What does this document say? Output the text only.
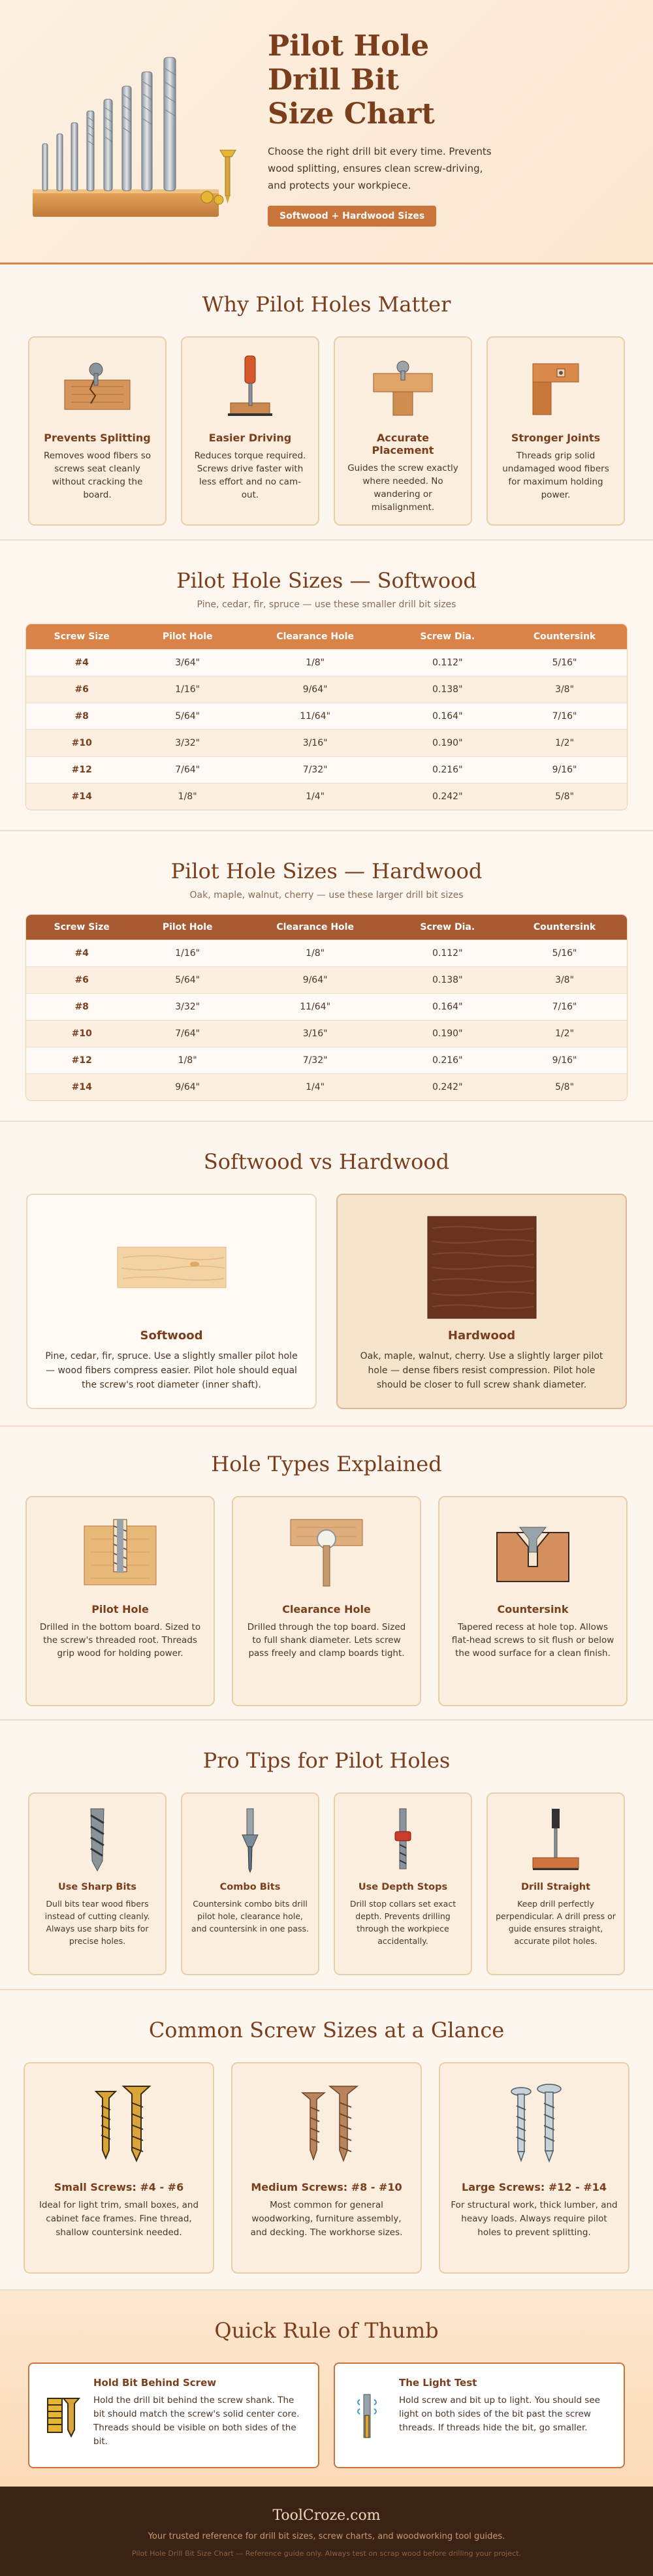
Pilot Hole
Drill Bit
Size Chart

Choose the right drill bit every time. Prevents wood splitting, ensures clean screw-driving, and protects your workpiece.

Softwood + Hardwood Sizes
Why Pilot Holes Matter
Prevents Splitting

Removes wood fibers so screws seat cleanly without cracking the board.

Easier Driving

Reduces torque required. Screws drive faster with less effort and no cam-out.

Accurate Placement

Guides the screw exactly where needed. No wandering or misalignment.

Stronger Joints

Threads grip solid undamaged wood fibers for maximum holding power.

Pilot Hole Sizes — Softwood

Pine, cedar, fir, spruce — use these smaller drill bit sizes

Screw Size	Pilot Hole	Clearance Hole	Screw Dia.	Countersink
#4	3/64"	1/8"	0.112"	5/16"
#6	1/16"	9/64"	0.138"	3/8"
#8	5/64"	11/64"	0.164"	7/16"
#10	3/32"	3/16"	0.190"	1/2"
#12	7/64"	7/32"	0.216"	9/16"
#14	1/8"	1/4"	0.242"	5/8"
Pilot Hole Sizes — Hardwood

Oak, maple, walnut, cherry — use these larger drill bit sizes

Screw Size	Pilot Hole	Clearance Hole	Screw Dia.	Countersink
#4	1/16"	1/8"	0.112"	5/16"
#6	5/64"	9/64"	0.138"	3/8"
#8	3/32"	11/64"	0.164"	7/16"
#10	7/64"	3/16"	0.190"	1/2"
#12	1/8"	7/32"	0.216"	9/16"
#14	9/64"	1/4"	0.242"	5/8"
Softwood vs Hardwood
Softwood

Pine, cedar, fir, spruce. Use a slightly smaller pilot hole — wood fibers compress easier. Pilot hole should equal the screw's root diameter (inner shaft).

Hardwood

Oak, maple, walnut, cherry. Use a slightly larger pilot hole — dense fibers resist compression. Pilot hole should be closer to full screw shank diameter.

Hole Types Explained
Pilot Hole

Drilled in the bottom board. Sized to the screw's threaded root. Threads grip wood for holding power.

Clearance Hole

Drilled through the top board. Sized to full shank diameter. Lets screw pass freely and clamp boards tight.

Countersink

Tapered recess at hole top. Allows flat-head screws to sit flush or below the wood surface for a clean finish.

Pro Tips for Pilot Holes
Use Sharp Bits

Dull bits tear wood fibers instead of cutting cleanly. Always use sharp bits for precise holes.

Combo Bits

Countersink combo bits drill pilot hole, clearance hole, and countersink in one pass.

Use Depth Stops

Drill stop collars set exact depth. Prevents drilling through the workpiece accidentally.

Drill Straight

Keep drill perfectly perpendicular. A drill press or guide ensures straight, accurate pilot holes.

Common Screw Sizes at a Glance
Small Screws: #4 - #6

Ideal for light trim, small boxes, and cabinet face frames. Fine thread, shallow countersink needed.

Medium Screws: #8 - #10

Most common for general woodworking, furniture assembly, and decking. The workhorse sizes.

Large Screws: #12 - #14

For structural work, thick lumber, and heavy loads. Always require pilot holes to prevent splitting.

Quick Rule of Thumb
Hold Bit Behind Screw

Hold the drill bit behind the screw shank. The bit should match the screw's solid center core. Threads should be visible on both sides of the bit.

The Light Test

Hold screw and bit up to light. You should see light on both sides of the bit past the screw threads. If threads hide the bit, go smaller.

ToolCroze.com
Your trusted reference for drill bit sizes, screw charts, and woodworking tool guides.
Pilot Hole Drill Bit Size Chart — Reference guide only. Always test on scrap wood before drilling your project.
